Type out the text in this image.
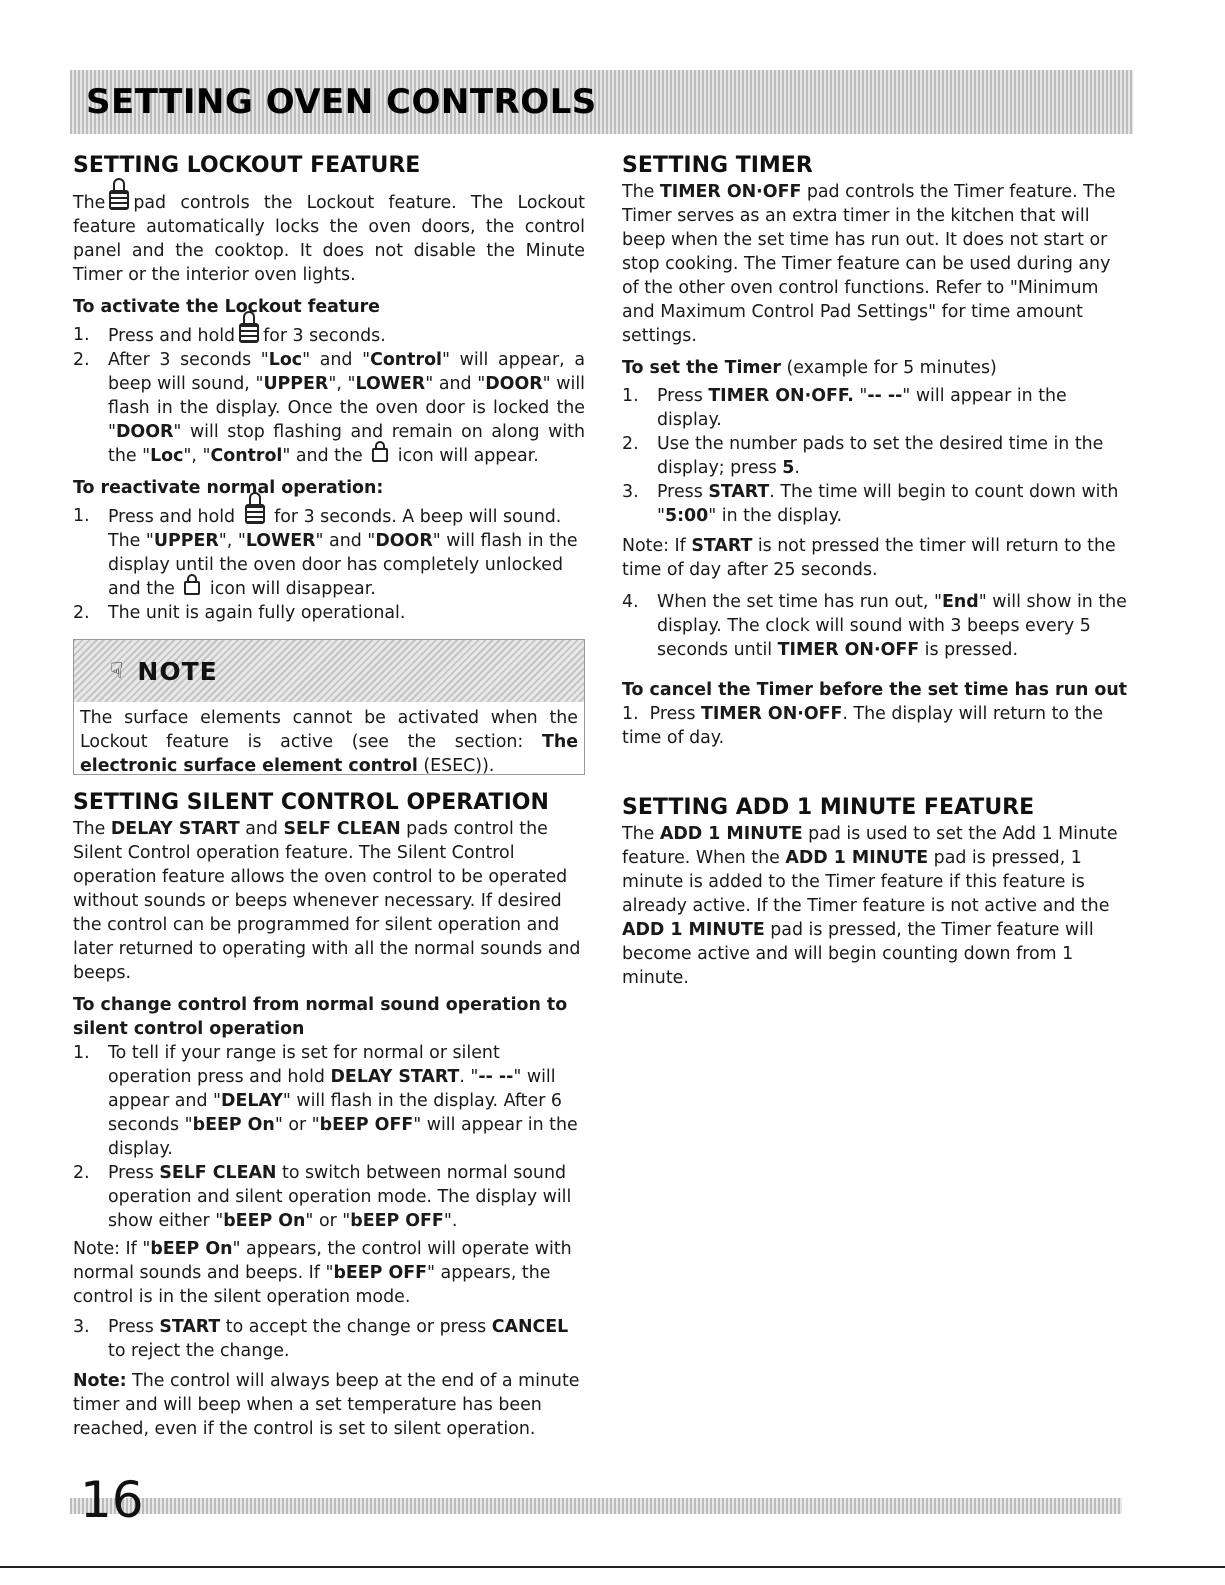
SETTING OVEN CONTROLS
SETTING LOCKOUT FEATURE

The pad controls the Lockout feature. The Lockout feature automatically locks the oven doors, the control panel and the cooktop. It does not disable the Minute Timer or the interior oven lights.

To activate the Lockout feature
1. Press and hold for 3 seconds.
2. After 3 seconds "Loc" and "Control" will appear, a beep will sound, "UPPER", "LOWER" and "DOOR" will flash in the display. Once the oven door is locked the "DOOR" will stop flashing and remain on along with the "Loc", "Control" and the  icon will appear.
To reactivate normal operation:
1. Press and hold  for 3 seconds. A beep will sound. The "UPPER", "LOWER" and "DOOR" will flash in the display until the oven door has completely unlocked and the  icon will disappear.
2. The unit is again fully operational.
☟ NOTE
The surface elements cannot be activated when the Lockout feature is active (see the section: The electronic surface element control (ESEC)).
SETTING SILENT CONTROL OPERATION

The DELAY START and SELF CLEAN pads control the Silent Control operation feature. The Silent Control operation feature allows the oven control to be operated without sounds or beeps whenever necessary. If desired the control can be programmed for silent operation and later returned to operating with all the normal sounds and beeps.

To change control from normal sound operation to silent control operation
1. To tell if your range is set for normal or silent operation press and hold DELAY START. "-- --" will appear and "DELAY" will flash in the display. After 6 seconds "bEEP On" or "bEEP OFF" will appear in the display.
2. Press SELF CLEAN to switch between normal sound operation and silent operation mode. The display will show either "bEEP On" or "bEEP OFF".

Note: If "bEEP On" appears, the control will operate with normal sounds and beeps. If "bEEP OFF" appears, the control is in the silent operation mode.

3. Press START to accept the change or press CANCEL to reject the change.

Note: The control will always beep at the end of a minute timer and will beep when a set temperature has been reached, even if the control is set to silent operation.

SETTING TIMER

The TIMER ON·OFF pad controls the Timer feature. The Timer serves as an extra timer in the kitchen that will beep when the set time has run out. It does not start or stop cooking. The Timer feature can be used during any of the other oven control functions. Refer to "Minimum and Maximum Control Pad Settings" for time amount settings.

To set the Timer (example for 5 minutes)
1. Press TIMER ON·OFF. "-- --" will appear in the display.
2. Use the number pads to set the desired time in the display; press 5.
3. Press START. The time will begin to count down with "5:00" in the display.

Note: If START is not pressed the timer will return to the time of day after 25 seconds.

4. When the set time has run out, "End" will show in the display. The clock will sound with 3 beeps every 5 seconds until TIMER ON·OFF is pressed.
To cancel the Timer before the set time has run out
1.  Press TIMER ON·OFF. The display will return to the time of day.
SETTING ADD 1 MINUTE FEATURE

The ADD 1 MINUTE pad is used to set the Add 1 Minute feature. When the ADD 1 MINUTE pad is pressed, 1 minute is added to the Timer feature if this feature is already active. If the Timer feature is not active and the ADD 1 MINUTE pad is pressed, the Timer feature will become active and will begin counting down from 1 minute.

16
